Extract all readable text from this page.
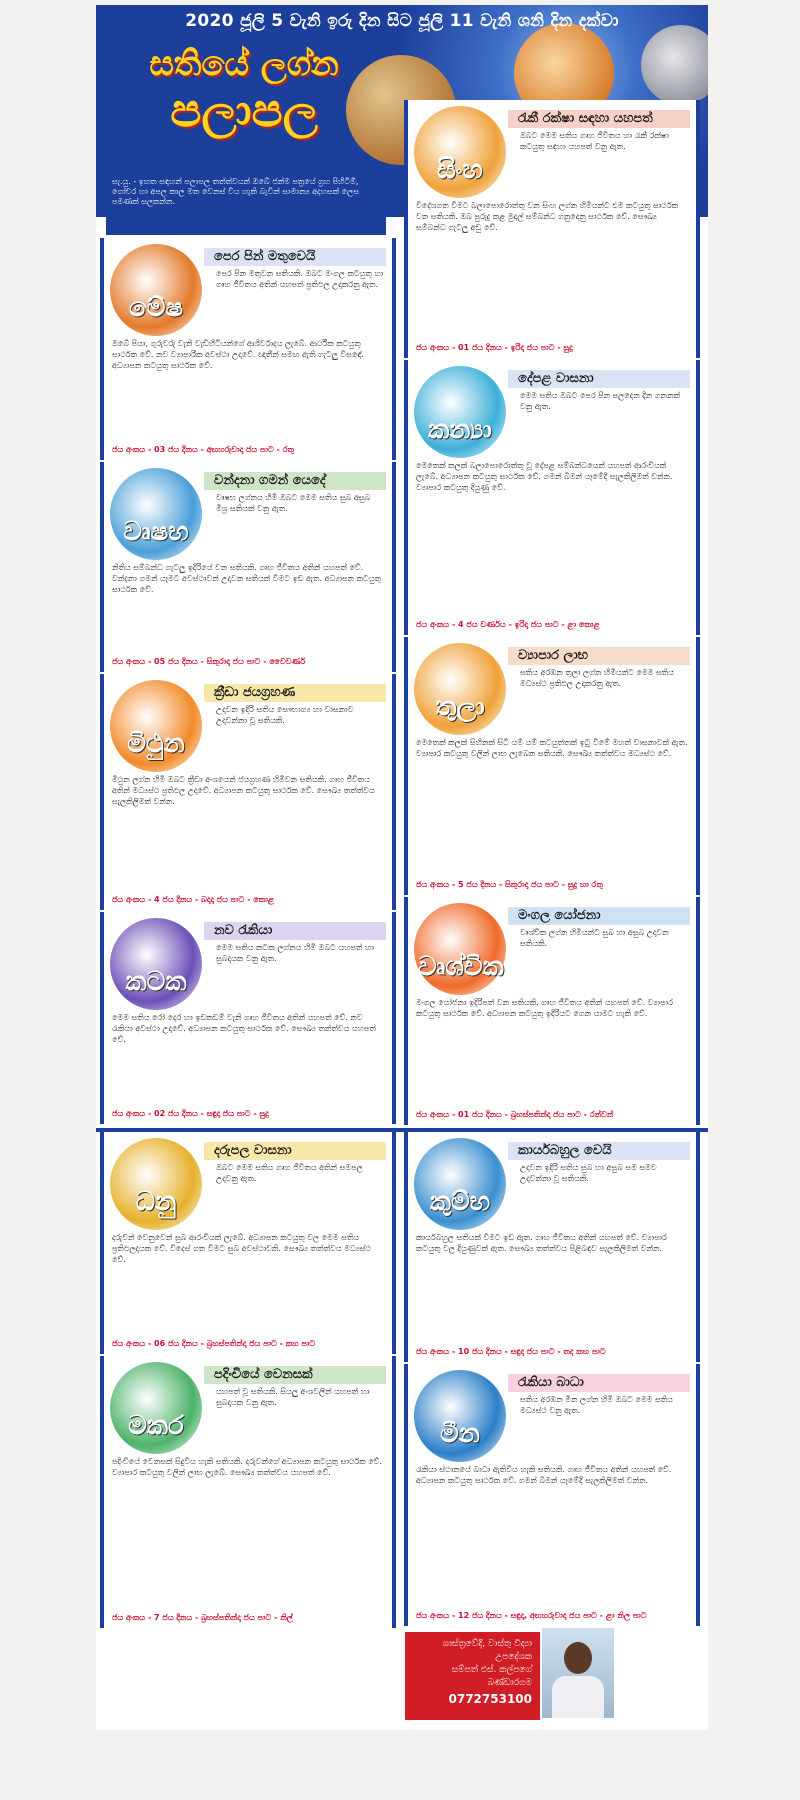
2020 ජූලි 5 වැනි ඉරු දින සිට ජූලි 11 වැනි ශනි දින දක්වා
සතියේ ලග්න
පලාපල
සැ.යු. - ඉහත සඳහන් පලාපල තත්ත්වයන් ඔබේ ජන්ම පත්‍රයේ ග්‍රහ පිහිටීම්, ගෝචර හා අපල කාල මත වෙනස් විය හැකි බැවින් සාමාන්‍ය අදහසක් ලෙස පමණක් සලකන්න.
මේෂ
පෙර පින් මතුවෙයි
පෙර පින මතුවන සතියකි. ඔබට මංගල කටයුතු හා ගෘහ ජීවිතය අතින් යහපත් ප්‍රතිඵල උදාකරනු ඇත.
ඔබේ පියා, ගුරුවරු වැනි වැඩිහිටියන්ගේ ආශිර්වාදය ලැබේ. ආර්ථික කටයුතු සාර්ථක වේ. නව ව්‍යාපාරික අවස්ථා උදාවේ. ඥාතීන් සමඟ ඇති ගැටලු විසඳේ. අධ්‍යාපන කටයුතු සාර්ථක වේ.
ජය අංකය - 03 ජය දිනය - අඟහරුවාදා ජය පාට - රතු
සිංහ
රැකී රක්ෂා සඳහා යහපත්
ඔබට මෙම සතිය ගෘහ ජීවිතය හා රැකී රක්ෂා කටයුතු සඳහා යහපත් වනු ඇත.
විදේශගත වීමට බලාපොරොත්තු වන සිංහ ලග්න හිමියන්ට එම කටයුතු සාර්ථක වන සතියකි. ඔබ පුරුදු කළ මුදල් සම්බන්ධ ගනුදෙනු සාර්ථක වේ. සෞඛ්‍ය සම්බන්ධ ගැටලු අඩු වේ.
ජය අංකය - 01 ජය දිනය - ඉරිදා ජය පාට - සුදු
වෘෂභ
වන්දනා ගමන් යෙදේ
වෘෂභ ලග්නය හිමි ඔබට මෙම සතිය සුබ අසුබ මිශ්‍ර සතියක් වනු ඇත.
නිතිය සම්බන්ධ ගැටලු ඉදිරියේ වන සතියකි. ගෘහ ජීවිතය අතින් යහපත් වේ. වන්දනා ගමන් යෑමට අවස්ථාවන් උදාවන සතියක් වීමට ඉඩ ඇත. අධ්‍යාපන කටයුතු සාර්ථක වේ.
ජය අංකය - 05 ජය දිනය - සිකුරාදා ජය පාට - වෛවර්ණ
කන්‍යා
දේපළ වාසනා
මෙම සතිය ඔබට පෙර පින පලදෙන දින ගනනක් වනු ඇත.
මෙතෙක් කලක් බලාපොරොත්තු වූ දේපළ සම්බන්ධයෙන් යහපත් ආරංචියක් ලැබේ. අධ්‍යාපන කටයුතු සාර්ථක වේ. ගමන් බිමන් යෑමේදී සැලකිලිමත් වන්න. ව්‍යාපාර කටයුතු දියුණු වේ.
ජය අංකය - 4 ජය වර්ණය - ඉරිදා ජය පාට - ළා කොළ
මිථුන
ක්‍රීඩා ජයග්‍රහණ
උදාවන ඉදිරි සතිය සෞභාග්‍ය හා වාසනාව උදාවන්නා වූ සතියකි.
මිථුන ලග්න හිමි ඔබට ක්‍රීඩා අංශයෙන් ජයග්‍රහණ හිමිවන සතියකි. ගෘහ ජීවිතය අතින් මධ්‍යස්ථ ප්‍රතිඵල උදාවේ. අධ්‍යාපන කටයුතු සාර්ථක වේ. සෞඛ්‍ය තත්ත්වය සැලකිලිමත් වන්න.
ජය අංකය - 4 ජය දිනය - බදාදා ජය පාට - කොළ
තුලා
ව්‍යාපාර ලාභ
සතිය අරඹන තුලා ලග්න හිමියන්ට මෙම සතිය මධ්‍යස්ථ ප්‍රතිඵල උදාකරනු ඇත.
මෙතෙක් කලක් සිහිනක් සිටි යම් යම් කටයුත්තක් ඉටු වීමේ මහත් වාසනාවක් ඇත. ව්‍යාපාර කටයුතු වලින් ලාභ ලැබෙන සතියකි. සෞඛ්‍ය තත්ත්වය මධ්‍යස්ථ වේ.
ජය අංකය - 5 ජය දිනය - සිකුරාදා ජය පාට - සුදු හා රතු
කටක
නව රැකියා
මෙම සතිය කටක ලග්නය හිමි ඔබට යහපත් හා සුබදායක වනු ඇත.
මෙම සතිය රෝ දෙර හා ඉඩකඩම් වැනි ගෘහ ජීවිතය අතින් යහපත් වේ. නව රැකියා අවස්ථා උදාවේ. අධ්‍යාපන කටයුතු සාර්ථක වේ. සෞඛ්‍ය තත්ත්වය යහපත් වේ.
ජය අංකය - 02 ජය දිනය - සඳුදා ජය පාට - සුදු
වෘශ්චික
මංගල යෝජනා
වෘශ්චික ලග්න හිමියන්ට සුබ හා අසුබ උදාවන සතියකි.
මංගල යෝජනා ඉදිරිපත් වන සතියකි. ගෘහ ජීවිතය අතින් යහපත් වේ. ව්‍යාපාර කටයුතු සාර්ථක වේ. අධ්‍යාපන කටයුතු ඉදිරියට ගෙන යාමට හැකි වේ.
ජය අංකය - 01 ජය දිනය - බ්‍රහස්පතින්දා ජය පාට - රන්වන්
ධනු
දරුපල වාසනා
ඔබට මෙම සතිය ගෘහ ජීවිතය අතින් සමපල උදාවනු ඇත.
දරුවන් වෙනුවෙන් සුබ ආරංචියක් ලැබේ. අධ්‍යාපන කටයුතු වල මෙම සතිය ප්‍රතිඵලදායක වේ. විදෙස් ගත වීමට සුබ අවස්ථාවකි. සෞඛ්‍ය තත්ත්වය මධ්‍යස්ථ වේ.
ජය අංකය - 06 ජය දිනය - බ්‍රහස්පතින්දා ජය පාට - කහ පාට
කුම්භ
කාර්යබහුල වෙයි
උදාවන ඉදිරි සතිය සුබ හා අසුබ සම සමව උදාවන්නා වූ සතියකි.
කාර්යබහුල සතියක් වීමට ඉඩ ඇත. ගෘහ ජීවිතය අතින් යහපත් වේ. ව්‍යාපාර කටයුතු වල දියුණුවක් ඇත. සෞඛ්‍ය තත්ත්වය පිළිබඳව සැලකිලිමත් වන්න.
ජය අංකය - 10 ජය දිනය - සඳුදා ජය පාට - තද කහ පාට
මකර
පදිංචියේ වෙනසක්
යහපත් වූ සතියකි. සියලු අංශවලින් යහපත් හා සුබදායක වනු ඇත.
පදිංචියේ වෙනසක් සිදුවිය හැකි සතියකි. දරුවන්ගේ අධ්‍යාපන කටයුතු සාර්ථක වේ. ව්‍යාපාර කටයුතු වලින් ලාභ ලැබේ. සෞඛ්‍ය තත්ත්වය යහපත් වේ.
ජය අංකය - 7 ජය දිනය - බ්‍රහස්පතින්දා ජය පාට - නිල්
මීන
රැකියා බාධා
සතිය අරඹන මීන ලග්න හිමි ඔබට මෙම සතිය මධ්‍යස්ථ වනු ඇත.
රැකියා ස්ථානයේ බාධා ඇතිවිය හැකි සතියකි. ගෘහ ජීවිතය අතින් යහපත් වේ. අධ්‍යාපන කටයුතු සාර්ථක වේ. ගමන් බිමන් යෑමේදී සැලකිලිමත් වන්න.
ජය අංකය - 12 ජය දිනය - සඳුදා, අඟහරුවාදා ජය පාට - ළා නිල පාට
ශාස්ත්‍රවේදී, වාස්තු විද්‍යා උපදේශක
සම්පත් එස්. කල්පගේ
බණ්ඩාරගම
0772753100
